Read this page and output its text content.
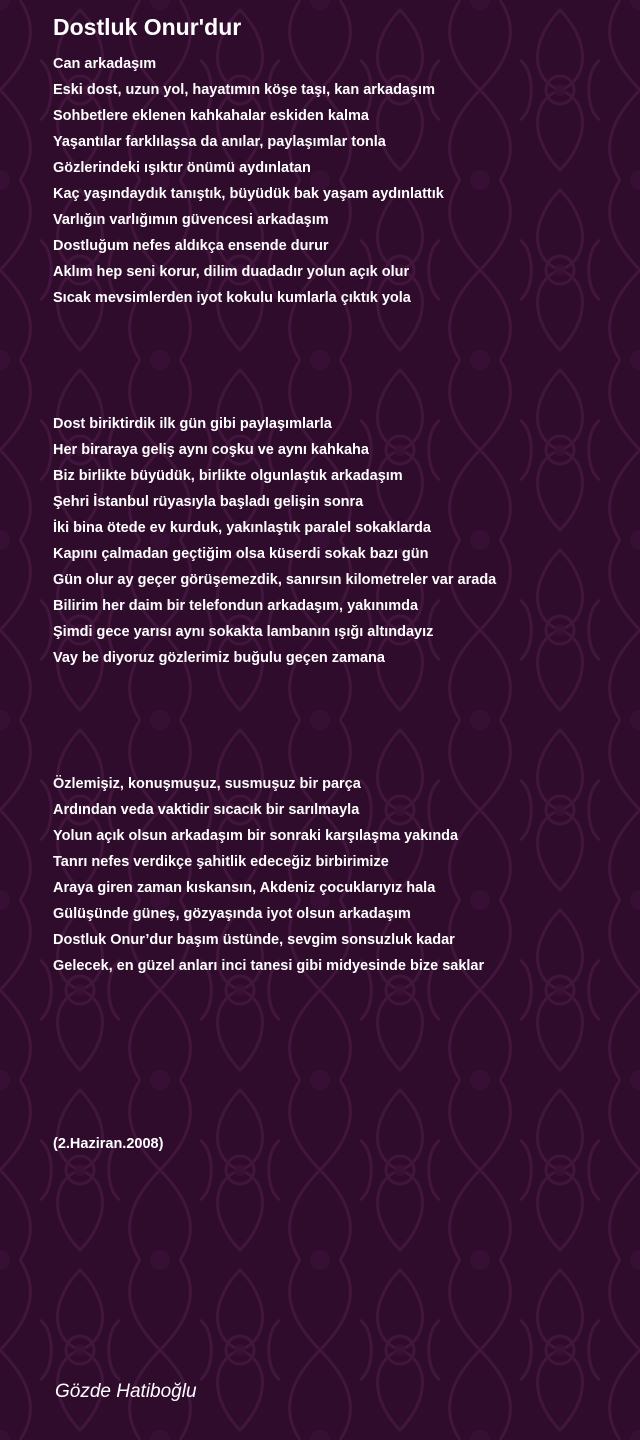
Dostluk Onur'dur
Can arkadaşım
Eski dost, uzun yol, hayatımın köşe taşı, kan arkadaşım
Sohbetlere eklenen kahkahalar eskiden kalma
Yaşantılar farklılaşsa da anılar, paylaşımlar tonla
Gözlerindeki ışıktır önümü aydınlatan
Kaç yaşındaydık tanıştık, büyüdük bak yaşam aydınlattık
Varlığın varlığımın güvencesi arkadaşım
Dostluğum nefes aldıkça ensende durur
Aklım hep seni korur, dilim duadadır yolun açık olur
Sıcak mevsimlerden iyot kokulu kumlarla çıktık yola
Dost biriktirdik ilk gün gibi paylaşımlarla
Her biraraya geliş aynı coşku ve aynı kahkaha
Biz birlikte büyüdük, birlikte olgunlaştık arkadaşım
Şehri İstanbul rüyasıyla başladı gelişin sonra
İki bina ötede ev kurduk, yakınlaştık paralel sokaklarda
Kapını çalmadan geçtiğim olsa küserdi sokak bazı gün
Gün olur ay geçer görüşemezdik, sanırsın kilometreler var arada
Bilirim her daim bir telefondun arkadaşım, yakınımda
Şimdi gece yarısı aynı sokakta lambanın ışığı altındayız
Vay be diyoruz gözlerimiz buğulu geçen zamana
Özlemişiz, konuşmuşuz, susmuşuz bir parça
Ardından veda vaktidir sıcacık bir sarılmayla
Yolun açık olsun arkadaşım bir sonraki karşılaşma yakında
Tanrı nefes verdikçe şahitlik edeceğiz birbirimize
Araya giren zaman kıskansın, Akdeniz çocuklarıyız hala
Gülüşünde güneş, gözyaşında iyot olsun arkadaşım
Dostluk Onur’dur başım üstünde, sevgim sonsuzluk kadar
Gelecek, en güzel anları inci tanesi gibi midyesinde bize saklar
(2.Haziran.2008)
Gözde Hatiboğlu
